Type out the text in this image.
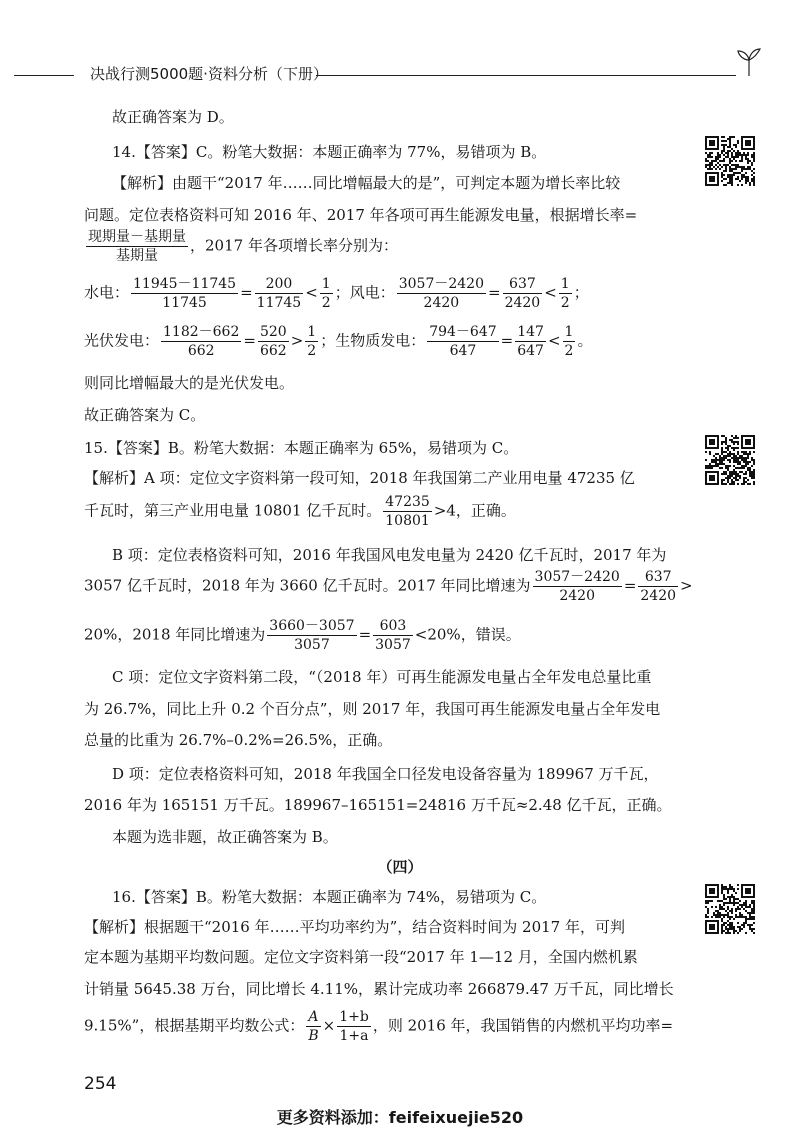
决战行测5000题·资料分析（下册）
故正确答案为 D。
14.【答案】C。粉笔大数据：本题正确率为 77%，易错项为 B。
【解析】由题干“2017 年……同比增幅最大的是”，可判定本题为增长率比较
问题。定位表格资料可知 2016 年、2017 年各项可再生能源发电量，根据增长率=
$\frac{\text{现期量－基期量}}{\text{基期量}}$ ，2017 年各项增长率分别为：
水电： $\frac{11945-11745}{11745} = \frac{200}{11745} < \frac{1}{2}$ ；风电： $\frac{3057-2420}{2420} = \frac{637}{2420} < \frac{1}{2}$ ；
光伏发电： $\frac{1182-662}{662} = \frac{520}{662} > \frac{1}{2}$ ；生物质发电： $\frac{794-647}{647} = \frac{147}{647} < \frac{1}{2}$ 。
则同比增幅最大的是光伏发电。
故正确答案为 C。
15.【答案】B。粉笔大数据：本题正确率为 65%，易错项为 C。
【解析】A 项：定位文字资料第一段可知，2018 年我国第二产业用电量 47235 亿
千瓦时，第三产业用电量 10801 亿千瓦时。 $\frac{47235}{10801} >4$，正确。
B 项：定位表格资料可知，2016 年我国风电发电量为 2420 亿千瓦时，2017 年为
3057 亿千瓦时，2018 年为 3660 亿千瓦时。2017 年同比增速为 $\frac{3057-2420}{2420} = \frac{637}{2420}$ >
20%，2018 年同比增速为 $\frac{3660-3057}{3057} = \frac{603}{3057} <20\%$，错误。
C 项：定位文字资料第二段，“（2018 年）可再生能源发电量占全年发电总量比重
为 26.7%，同比上升 0.2 个百分点”，则 2017 年，我国可再生能源发电量占全年发电
总量的比重为 26.7%–0.2%=26.5%，正确。
D 项：定位表格资料可知，2018 年我国全口径发电设备容量为 189967 万千瓦，
2016 年为 165151 万千瓦。189967–165151=24816 万千瓦≈2.48 亿千瓦，正确。
本题为选非题，故正确答案为 B。
（四）
16.【答案】B。粉笔大数据：本题正确率为 74%，易错项为 C。
【解析】根据题干“2016 年……平均功率约为”，结合资料时间为 2017 年，可判
定本题为基期平均数问题。定位文字资料第一段“2017 年 1—12 月，全国内燃机累
计销量 5645.38 万台，同比增长 4.11%，累计完成功率 266879.47 万千瓦，同比增长
9.15%”，根据基期平均数公式： $\frac{A}{B} \times \frac{1+b}{1+a}$ ，则 2016 年，我国销售的内燃机平均功率=
254
更多资料添加：feifeixuejie520
